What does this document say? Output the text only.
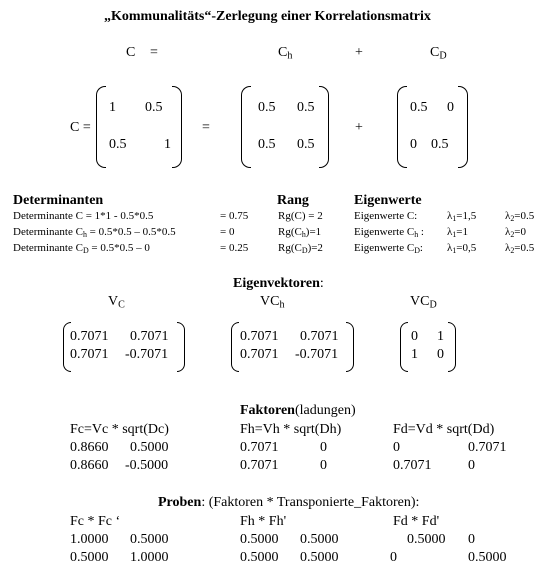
„Kommunalitäts“-Zerlegung einer Korrelationsmatrix
C =	$C_h$	+	$C_D$
C =
1 0.5
0.5	1
=
0.5 0.5
0.5 0.5
+
0.5 0
0 0.5
Determinanten	Rang	Eigenwerte
Determinante C = 1*1 - 0.5*0.5	= 0.75	Rg(C) = 2	Eigenwerte C:	$\lambda_1=1,5$	$\lambda_2=0.5$
Determinante $C_h = 0.5*0.5 - 0.5*0.5$	= 0	$Rg(C_h)=1$	Eigenwerte $C_h$ : $\lambda_1=1$	$\lambda_2=0$
Determinante $C_D = 0.5*0.5 - 0$	= 0.25	$Rg(C_D)=2$	Eigenwerte $C_D$: $\lambda_1=0,5$	$\lambda_2=0.5$
Eigenvektoren:
$V_C$	$VC_h$	$VC_D$
0.7071 0.7071
0.7071 -0.7071
0.7071 0.7071
0.7071 -0.7071
0 1
1 0
Faktoren(ladungen)
Fc=Vc * sqrt(Dc)	Fh=Vh * sqrt(Dh)	Fd=Vd * sqrt(Dd)
0.8660 0.5000
0.8660 -0.5000
0.7071	0
0.7071	0
0	0.7071
0.7071	0
Proben: (Faktoren * Transponierte_Faktoren):
Fc * Fc ‘	Fh * Fh'	Fd * Fd'
1.0000 0.5000
0.5000 1.0000
0.5000 0.5000
0.5000 0.5000
0.5000 0
0	0.5000
